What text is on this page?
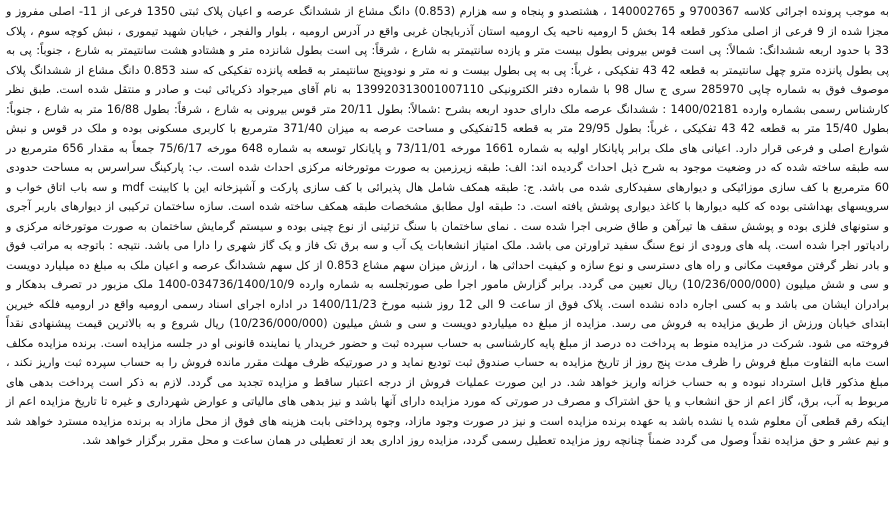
به موجب پرونده اجرائی کلاسه 9700367 و 140002765 ، هشتصدو و پنجاه و سه هزارم (0.853) دانگ مشاع از ششدانگ عرصه و اعیان پلاک ثبتی 1350 فرعی از 11- اصلی مفروز و مجزا شده از 9 فرعی از اصلی مذکور قطعه 14 بخش 5 ارومیه ناحیه یک ارومیه استان آذربایجان غربی واقع در آدرس ارومیه ، بلوار والفجر ، خیابان شهید تیموری ، نبش کوچه سوم ، پلاک 33 با حدود اربعه ششدانگ: شمالاً: پی است قوس بیرونی بطول بیست متر و یازده سانتیمتر به شارع ، شرقاً: پی است بطول شانزده متر و هشتادو هشت سانتیمتر به شارع ، جنوباً: پی به پی بطول پانزده مترو چهل سانتیمتر به قطعه 42 43 تفکیکی ، غرباً: پی به پی بطول بیست و نه متر و نودوپنج سانتیمتر به قطعه پانزده تفکیکی که سند 0.853 دانگ مشاع از ششدانگ پلاک موصوف فوق به شماره چاپی 285970 سری ج سال 98 با شماره دفتر الکترونیکی 139920313001007110 به نام آقای میرجواد ذکریائی ثبت و صادر و منتقل شده است. طبق نظر کارشناس رسمی بشماره وارده 1400/02181 : ششدانگ عرصه ملک دارای حدود اربعه بشرح :شمالاً: بطول 20/11 متر قوس بیرونی به شارع ، شرقاً: بطول 16/88 متر به شارع ، جنوباً: بطول 15/40 متر به قطعه 42 43 تفکیکی ، غرباً: بطول 29/95 متر به قطعه 15تفکیکی و مساحت عرصه به میزان 371/40 مترمربع با کاربری مسکونی بوده و ملک در قوس و نبش شوارع اصلی و فرعی قرار دارد. اعیانی های ملک برابر پایانکار اولیه به شماره 1661 مورخه 73/11/01 و پایانکار توسعه به شماره 648 مورخه 75/6/17 جمعاً به مقدار 656 مترمربع در سه طبقه ساخته شده که در وضعیت موجود به شرح ذیل احداث گردیده اند: الف: طبقه زیرزمین به صورت موتورخانه مرکزی احداث شده است. ب: پارکینگ سراسرس به مساحت حدودی 60 مترمربع با کف سازی موزائیکی و دیوارهای سفیدکاری شده می باشد. ج: طبقه همکف شامل هال پذیرائی با کف سازی پارکت و آشپزخانه این با کابینت mdf و سه باب اتاق خواب و سرویسهای بهداشتی بوده که کلیه دیوارها با کاغذ دیواری پوشش یافته است. د: طبقه اول مطابق مشخصات طبقه همکف ساخته شده است. سازه ساختمان ترکیبی از دیوارهای باربر آجری و ستونهای فلزی بوده و پوشش سقف ها تیرآهن و طاق ضربی اجرا شده ست . نمای ساختمان با سنگ تزئینی از نوع چینی بوده و سیستم گرمایش ساختمان به صورت موتورخانه مرکزی و رادیاتور اجرا شده است. پله های ورودی از نوع سنگ سفید تراورتن می باشد. ملک امتیاز انشعابات یک آب و سه برق تک فاز و یک گاز شهری را دارا می باشد. نتیجه : باتوجه به مراتب فوق و بادر نظر گرفتن موقعیت مکانی و راه های دسترسی و نوع سازه و کیفیت احداثی ها ، ارزش میزان سهم مشاع 0.853 از کل سهم ششدانگ عرصه و اعیان ملک به مبلغ ده میلیارد دویست و سی و شش میلیون (10/236/000/000) ریال تعیین می گردد. برابر گزارش مامور اجرا طی صورتجلسه به شماره وارده 034736/1400/10/9-1400 ملک مزبور در تصرف بدهکار و برادران ایشان می باشد و به کسی اجاره داده نشده است. پلاک فوق از ساعت 9 الی 12 روز شنبه مورخ 1400/11/23 در اداره اجرای اسناد رسمی ارومیه واقع در ارومیه فلکه خیرین ابتدای خیابان ورزش از طریق مزایده به فروش می رسد. مزایده از مبلغ ده میلیاردو دویست و سی و شش میلیون (10/236/000/000) ریال شروع و به بالاترین قیمت پیشنهادی نقداً فروخته می شود. شرکت در مزایده منوط به پرداخت ده درصد از مبلغ پایه کارشناسی به حساب سپرده ثبت و حضور خریدار یا نماینده قانونی او در جلسه مزایده است. برنده مزایده مکلف است مابه التفاوت مبلغ فروش را ظرف مدت پنج روز از تاریخ مزایده به حساب صندوق ثبت تودیع نماید و در صورتیکه ظرف مهلت مقرر مانده فروش را به حساب سپرده ثبت واریز نکند ، مبلغ مذکور قابل استرداد نبوده و به حساب خزانه واریز خواهد شد. در این صورت عملیات فروش از درجه اعتبار ساقط و مزایده تجدید می گردد. لازم به ذکر است پرداخت بدهی های مربوط به آب، برق، گاز اعم از حق انشعاب و یا حق اشتراک و مصرف در صورتی که مورد مزایده دارای آنها باشد و نیز بدهی های مالیاتی و عوارض شهرداری و غیره تا تاریخ مزایده اعم از اینکه رقم قطعی آن معلوم شده یا نشده باشد به عهده برنده مزایده است و نیز در صورت وجود مازاد، وجوه پرداختی بابت هزینه های فوق از محل مازاد به برنده مزایده مسترد خواهد شد و نیم عشر و حق مزایده نقداً وصول می گردد ضمناً چنانچه روز مزایده تعطیل رسمی گردد، مزایده روز اداری بعد از تعطیلی در همان ساعت و محل مقرر برگزار خواهد شد.
